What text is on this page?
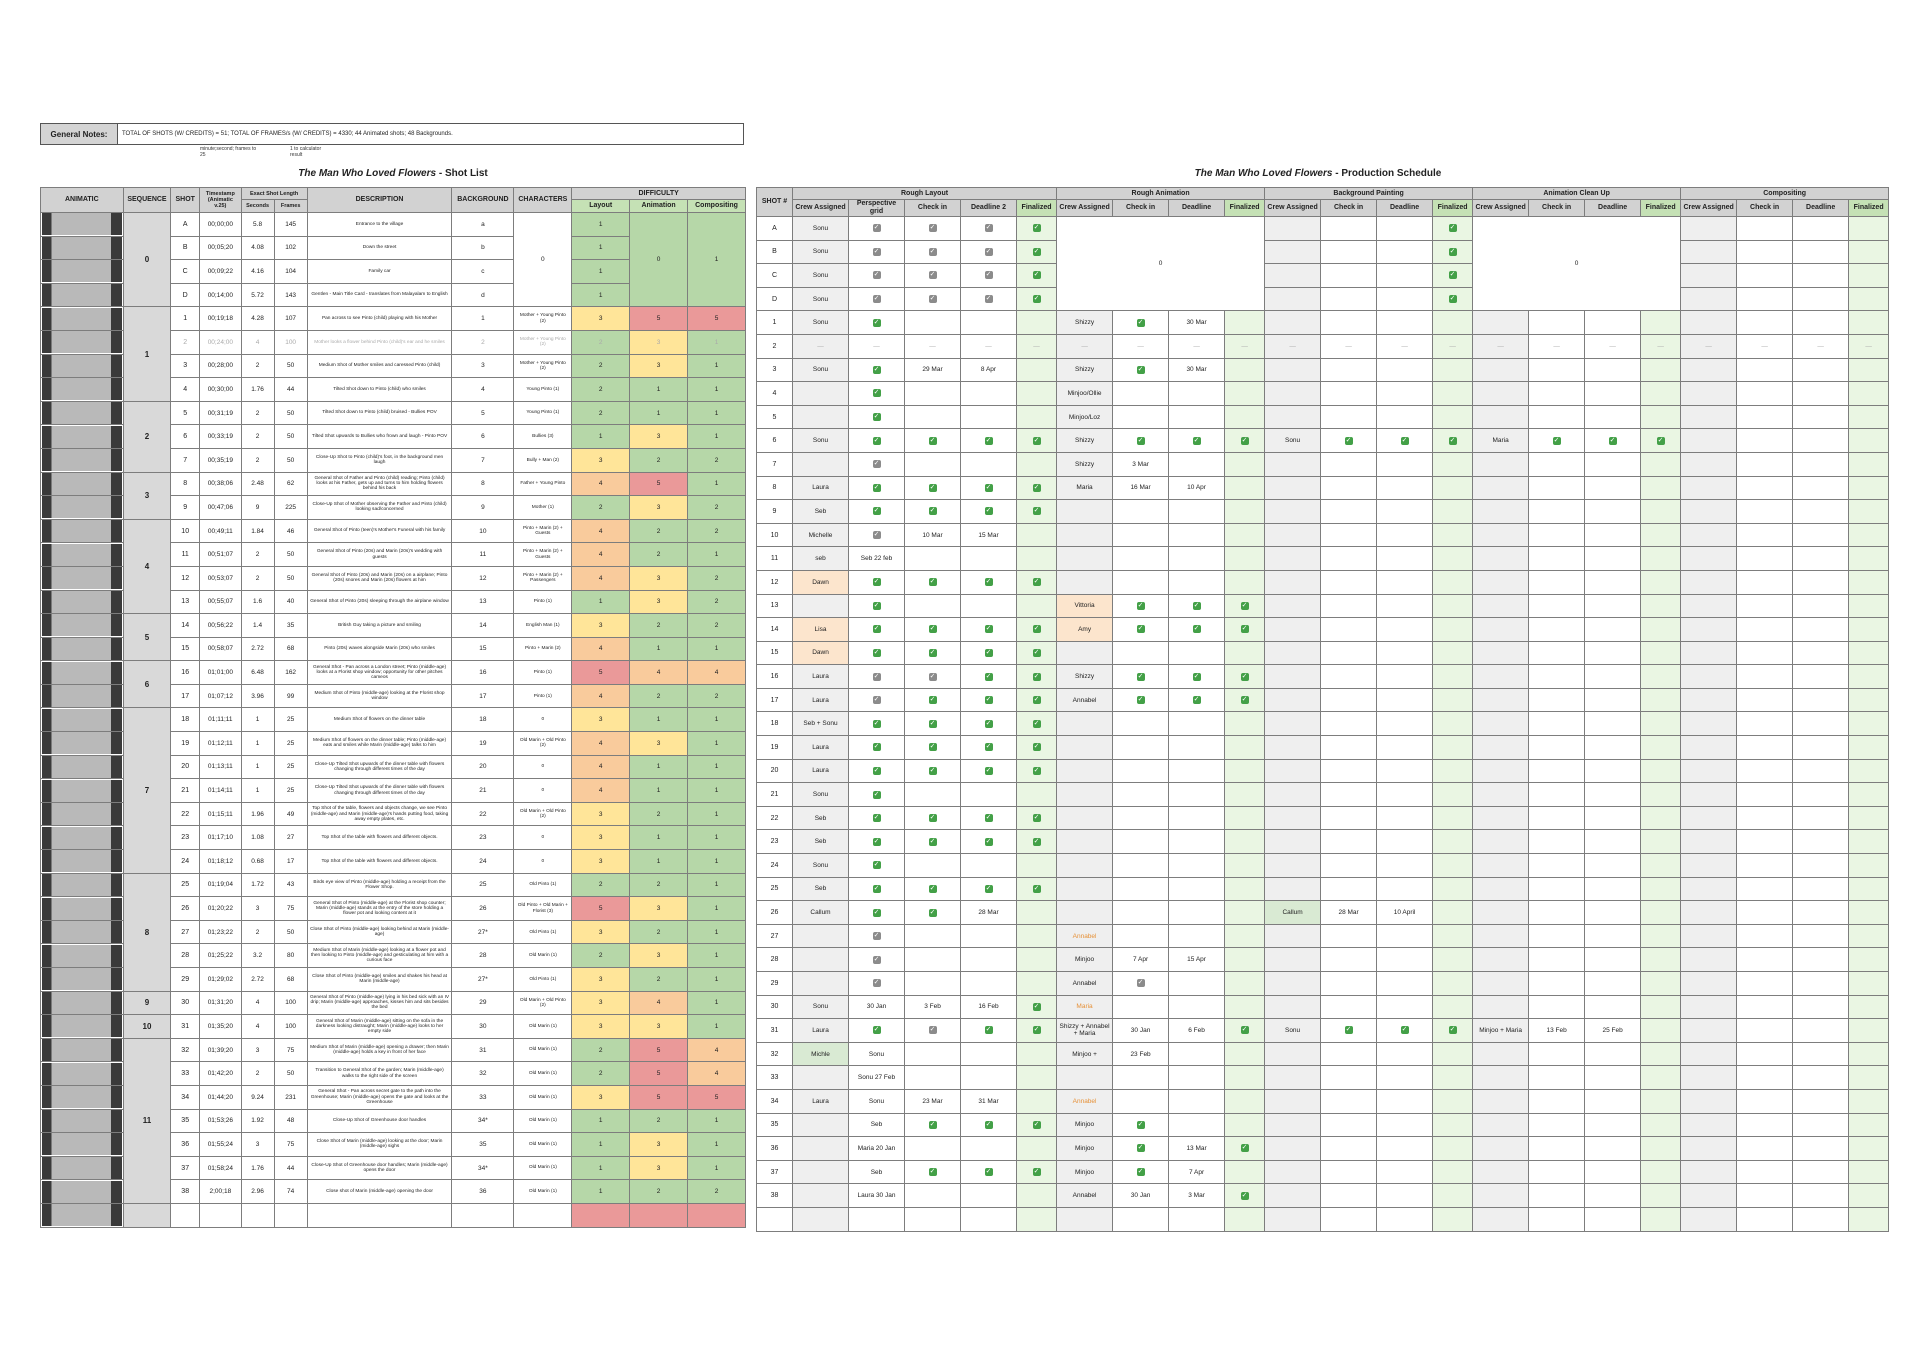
General Notes:	TOTAL OF SHOTS (W/ CREDITS) = 51; TOTAL OF FRAMES/s (W/ CREDITS) = 4330; 44 Animated shots; 48 Backgrounds.
minute;second; frames to 25
1 to calculator result
The Man Who Loved Flowers - Shot List	The Man Who Loved Flowers - Production Schedule
ANIMATIC	SEQUENCE	SHOT	Timestamp (Animatic v.25)	Exact Shot Length		DESCRIPTION	BACKGROUND	CHARACTERS	DIFFICULTY		
				Seconds	Frames				Layout	Animation	Compositing

	0	A	00;00;00	5.8	145	Entrance to the village	a	0	1	0	1

		B	00;05;20	4.08	102	Down the street	b		1		

		C	00;09;22	4.16	104	Family car	c		1		

		D	00;14;00	5.72	143	Gentlen - Main Title Card - translates from Malayalam to English	d		1		

	1	1	00;19;18	4.28	107	Pan across to see Pinto (child) playing with his Mother	1	Mother + Young Pinto (2)	3	5	5

		2	00;24;00	4	100	Mother looks a flower behind Pinto (child)'s ear and he smiles	2	Mother + Young Pinto (2)	2	3	1

		3	00;28;00	2	50	Medium Shot of Mother smiles and caressed Pinto (child)	3	Mother + Young Pinto (2)	2	3	1

		4	00;30;00	1.76	44	Tilted Shot down to Pinto (child) who smiles	4	Young Pinto (1)	2	1	1

	2	5	00;31;19	2	50	Tilted Shot down to Pinto (child) bruised - Bullies POV	5	Young Pinto (1)	2	1	1

		6	00;33;19	2	50	Tilted Shot upwards to Bullies who frown and laugh - Pinto POV	6	Bullies (3)	1	3	1

		7	00;35;19	2	50	Close-Up Shot to Pinto (child)'s foot, in the background men laugh	7	Bully + Man (2)	3	2	2

	3	8	00;38;06	2.48	62	General Shot of Father and Pinto (child) reading; Pinto (child) looks at his Father, gets up and turns to him holding flowers behind his back	8	Father + Young Pinto	4	5	1

		9	00;47;06	9	225	Close-Up Shot of Mother observing the Father and Pinto (child) looking sad/concerned	9	Mother (1)	2	3	2

	4	10	00;49;11	1.84	46	General Shot of Pinto (teen)'s Mother's Funeral with his family	10	Pinto + Marin (2) + Guests	4	2	2

		11	00;51;07	2	50	General Shot of Pinto (20s) and Marin (20s)'s wedding with guests	11	Pinto + Marin (2) + Guests	4	2	1

		12	00;53;07	2	50	General Shot of Pinto (20s) and Marin (20s) on a airplane; Pinto (20s) snores and Marin (20s) flowers at him	12	Pinto + Marin (2) + Passengers	4	3	2

		13	00;55;07	1.6	40	General Shot of Pinto (20s) sleeping through the airplane window	13	Pinto (1)	1	3	2

	5	14	00;56;22	1.4	35	British Guy taking a picture and smiling	14	English Man (1)	3	2	2

		15	00;58;07	2.72	68	Pinto (20s) waves alongside Marin (20s) who smiles	15	Pinto + Marin (2)	4	1	1

	6	16	01;01;00	6.48	162	General Shot - Pan across a London street; Pinto (middle-age) looks at a Florist shop window; opportunity for other pitches cameos	16	Pinto (1)	5	4	4

		17	01;07;12	3.96	99	Medium Shot of Pinto (middle-age) looking at the Florist shop window	17	Pinto (1)	4	2	2

	7	18	01;11;11	1	25	Medium Shot of flowers on the dinner table	18	0	3	1	1

		19	01;12;11	1	25	Medium Shot of flowers on the dinner table; Pinto (middle-age) eats and smiles while Marin (middle-age) talks to him	19	Old Marin + Old Pinto (2)	4	3	1

		20	01;13;11	1	25	Close-Up Tilted Shot upwards of the dinner table with flowers changing through different times of the day	20	0	4	1	1

		21	01;14;11	1	25	Close-Up Tilted Shot upwards of the dinner table with flowers changing through different times of the day	21	0	4	1	1

		22	01;15;11	1.96	49	Top Shot of the table, flowers and objects change, we see Pinto (middle-age) and Marin (middle-age)'s hands putting food, taking away empty plates, etc.	22	Old Marin + Old Pinto (2)	3	2	1

		23	01;17;10	1.08	27	Top Shot of the table with flowers and different objects.	23	0	3	1	1

		24	01;18;12	0.68	17	Top Shot of the table with flowers and different objects.	24	0	3	1	1

	8	25	01;19;04	1.72	43	Birds eye view of Pinto (middle-age) holding a receipt from the Flower Shop.	25	Old Pinto (1)	2	2	1

		26	01;20;22	3	75	General Shot of Pinto (middle-age) at the Florist shop counter; Marin (middle-age) stands at the entry of the store holding a flower pot and looking content at it	26	Old Pinto + Old Marin + Florist (3)	5	3	1

		27	01;23;22	2	50	Close Shot of Pinto (middle-age) looking behind at Marin (middle-age)	27*	Old Pinto (1)	3	2	1

		28	01;25;22	3.2	80	Medium Shot of Marin (middle-age) looking at a flower pot and then looking to Pinto (middle-age) and gesticulating at him with a curious face	28	Old Marin (1)	2	3	1

		29	01;29;02	2.72	68	Close Shot of Pinto (middle-age) smiles and shakes his head at Marin (middle-age)	27*	Old Pinto (1)	3	2	1

	9	30	01;31;20	4	100	General Shot of Pinto (middle-age) lying in his bed sick with an IV drip; Marin (middle-age) approaches, kisses him and sits besides the bed	29	Old Marin + Old Pinto (2)	3	4	1

	10	31	01;35;20	4	100	General Shot of Marin (middle-age) sitting on the sofa in the darkness looking distraught; Marin (middle-age) looks to her empty side	30	Old Marin (1)	3	3	1

	11	32	01;39;20	3	75	Medium Shot of Marin (middle-age) opening a drawer; then Marin (middle-age) holds a key in front of her face	31	Old Marin (1)	2	5	4

		33	01;42;20	2	50	Transition to General Shot of the garden; Marin (middle-age) walks to the right side of the screen	32	Old Marin (1)	2	5	4

		34	01;44;20	9.24	231	General Shot - Pan across secret gate to the path into the Greenhouse; Marin (middle-age) opens the gate and looks at the Greenhouse	33	Old Marin (1)	3	5	5

		35	01;53;26	1.92	48	Close-Up Shot of Greenhouse door handles	34*	Old Marin (1)	1	2	1

		36	01;55;24	3	75	Close Shot of Marin (middle-age) looking at the door; Marin (middle-age) sighs	35	Old Marin (1)	1	3	1

		37	01;58;24	1.76	44	Close-Up Shot of Greenhouse door handles; Marin (middle-age) opens the door	34*	Old Marin (1)	1	3	1

		38	2;00;18	2.96	74	Close shot of Marin (middle-age) opening the door	36	Old Marin (1)	1	2	2

SHOT #	Rough Layout					Rough Animation				Background Painting				Animation Clean Up				Compositing			
	Crew Assigned	Perspective grid	Check in	Deadline 2	Finalized	Crew Assigned	Check in	Deadline	Finalized	Crew Assigned	Check in	Deadline	Finalized	Crew Assigned	Check in	Deadline	Finalized	Crew Assigned	Check in	Deadline	Finalized
A	Sonu	✓	✓	✓	✓	0							✓	0							
B	Sonu	✓	✓	✓	✓								✓								
C	Sonu	✓	✓	✓	✓								✓								
D	Sonu	✓	✓	✓	✓								✓								
1	Sonu	✓				Shizzy	✓	30 Mar													
2	—	—	—	—	—	—	—	—	—	—	—	—	—	—	—	—	—	—	—	—	—
3	Sonu	✓	29 Mar	8 Apr		Shizzy	✓	30 Mar													
4		✓				Minjoo/Ollie															
5		✓				Minjoo/Loz															
6	Sonu	✓	✓	✓	✓	Shizzy	✓	✓	✓	Sonu	✓	✓	✓	Maria	✓	✓	✓				
7		✓				Shizzy	3 Mar														
8	Laura	✓	✓	✓	✓	Maria	16 Mar	10 Apr													
9	Seb	✓	✓	✓	✓																
10	Michelle	✓	10 Mar	15 Mar																	
11	seb	Seb 22 feb																			
12	Dawn	✓	✓	✓	✓																
13		✓				Vittoria	✓	✓	✓												
14	Lisa	✓	✓	✓	✓	Amy	✓	✓	✓												
15	Dawn	✓	✓	✓	✓																
16	Laura	✓	✓	✓	✓	Shizzy	✓	✓	✓												
17	Laura	✓	✓	✓	✓	Annabel	✓	✓	✓												
18	Seb + Sonu	✓	✓	✓	✓																
19	Laura	✓	✓	✓	✓																
20	Laura	✓	✓	✓	✓																
21	Sonu	✓																			
22	Seb	✓	✓	✓	✓																
23	Seb	✓	✓	✓	✓																
24	Sonu	✓																			
25	Seb	✓	✓	✓	✓																
26	Callum	✓	✓	28 Mar						Callum	28 Mar	10 April									
27		✓				Annabel															
28		✓				Minjoo	7 Apr	15 Apr													
29		✓				Annabel	✓														
30	Sonu	30 Jan	3 Feb	16 Feb	✓	Maria															
31	Laura	✓	✓	✓	✓	Shizzy + Annabel + Maria	30 Jan	6 Feb	✓	Sonu	✓	✓	✓	Minjoo + Maria	13 Feb	25 Feb					
32	Michle	Sonu				Minjoo +	23 Feb														
33		Sonu 27 Feb																			
34	Laura	Sonu	23 Mar	31 Mar		Annabel															
35		Seb	✓	✓	✓	Minjoo	✓														
36		Maria 20 Jan				Minjoo	✓	13 Mar	✓												
37		Seb	✓	✓	✓	Minjoo	✓	7 Apr													
38		Laura 30 Jan				Annabel	30 Jan	3 Mar	✓												
